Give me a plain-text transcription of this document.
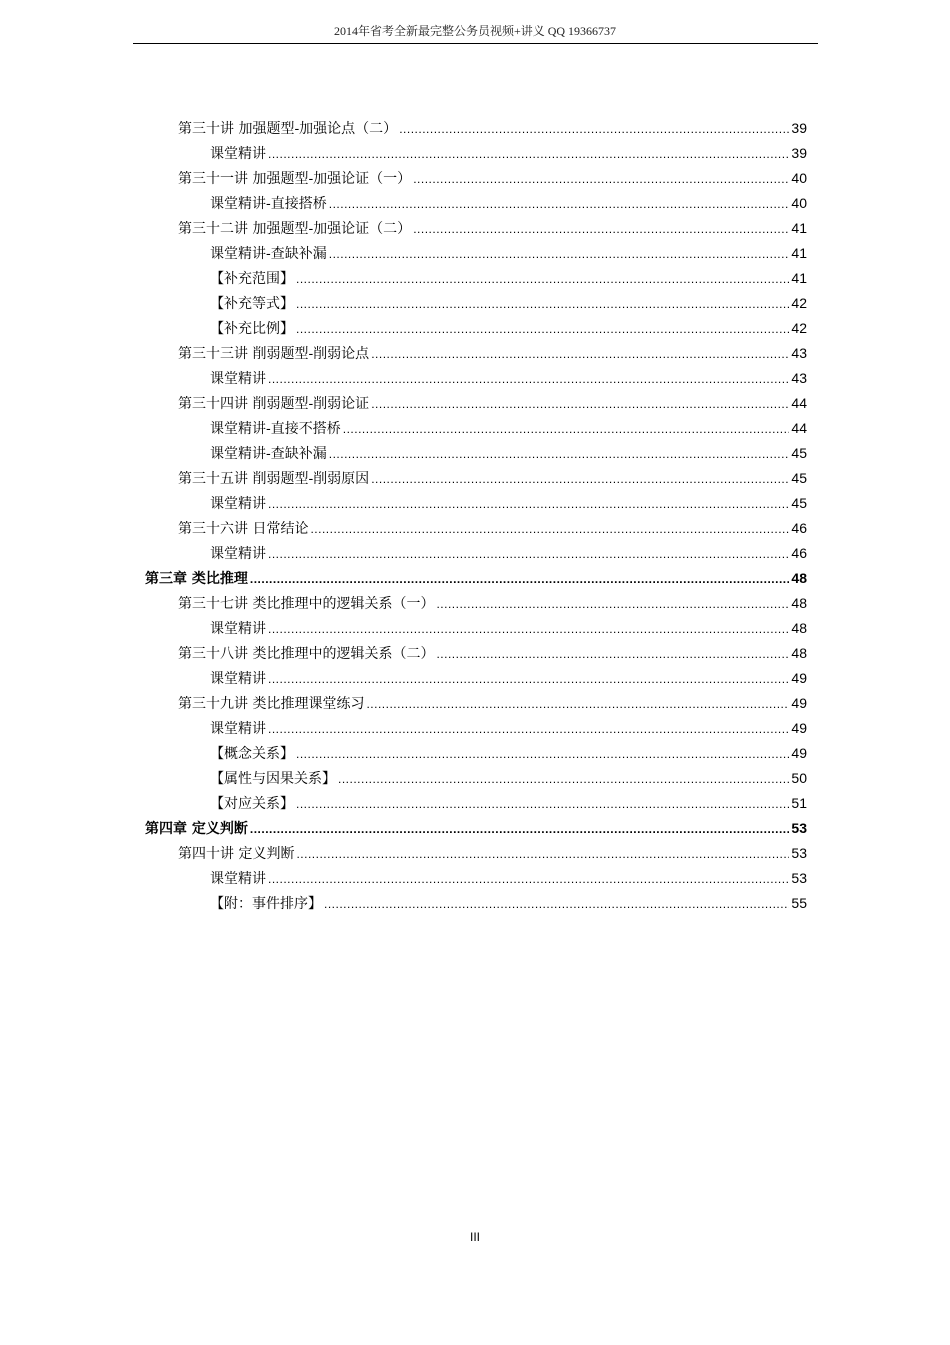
2014年省考全新最完整公务员视频+讲义 QQ 19366737
第三十讲 加强题型-加强论点（二） .....	39
课堂精讲 .....	39
第三十一讲 加强题型-加强论证（一） .....	40
课堂精讲-直接搭桥 .....	40
第三十二讲 加强题型-加强论证（二） .....	41
课堂精讲-查缺补漏 .....	41
【补充范围】 .....	41
【补充等式】 .....	42
【补充比例】 .....	42
第三十三讲 削弱题型-削弱论点 .....	43
课堂精讲 .....	43
第三十四讲 削弱题型-削弱论证 .....	44
课堂精讲-直接不搭桥 .....	44
课堂精讲-查缺补漏 .....	45
第三十五讲 削弱题型-削弱原因 .....	45
课堂精讲 .....	45
第三十六讲 日常结论 .....	46
课堂精讲 .....	46
第三章 类比推理 .....	48
第三十七讲 类比推理中的逻辑关系（一） .....	48
课堂精讲 .....	48
第三十八讲 类比推理中的逻辑关系（二） .....	48
课堂精讲 .....	49
第三十九讲 类比推理课堂练习 .....	49
课堂精讲 .....	49
【概念关系】 .....	49
【属性与因果关系】 .....	50
【对应关系】 .....	51
第四章 定义判断 .....	53
第四十讲 定义判断 .....	53
课堂精讲 .....	53
【附：事件排序】 .....	55
III
